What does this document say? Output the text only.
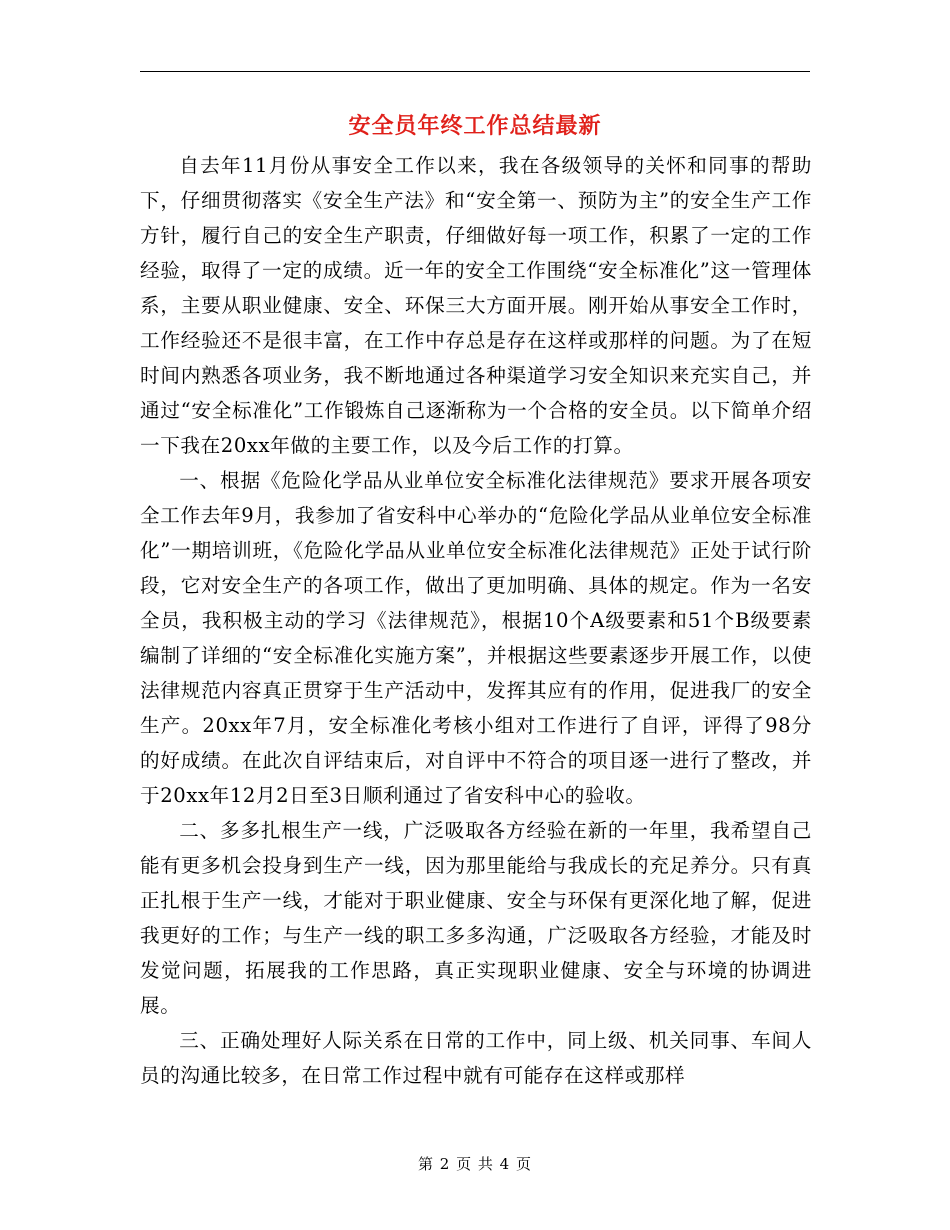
安全员年终工作总结最新

自去年11月份从事安全工作以来，我在各级领导的关怀和同事的帮助下，仔细贯彻落实《安全生产法》和“安全第一、预防为主”的安全生产工作方针，履行自己的安全生产职责，仔细做好每一项工作，积累了一定的工作经验，取得了一定的成绩。近一年的安全工作围绕“安全标准化”这一管理体系，主要从职业健康、安全、环保三大方面开展。刚开始从事安全工作时，工作经验还不是很丰富，在工作中存总是存在这样或那样的问题。为了在短时间内熟悉各项业务，我不断地通过各种渠道学习安全知识来充实自己，并通过“安全标准化”工作锻炼自己逐渐称为一个合格的安全员。以下简单介绍一下我在20xx年做的主要工作，以及今后工作的打算。

一、根据《危险化学品从业单位安全标准化法律规范》要求开展各项安全工作去年9月，我参加了省安科中心举办的“危险化学品从业单位安全标准化”一期培训班，《危险化学品从业单位安全标准化法律规范》正处于试行阶段，它对安全生产的各项工作，做出了更加明确、具体的规定。作为一名安全员，我积极主动的学习《法律规范》，根据10个A级要素和51个B级要素编制了详细的“安全标准化实施方案”，并根据这些要素逐步开展工作，以使法律规范内容真正贯穿于生产活动中，发挥其应有的作用，促进我厂的安全生产。20xx年7月，安全标准化考核小组对工作进行了自评，评得了98分的好成绩。在此次自评结束后，对自评中不符合的项目逐一进行了整改，并于20xx年12月2日至3日顺利通过了省安科中心的验收。

二、多多扎根生产一线，广泛吸取各方经验在新的一年里，我希望自己能有更多机会投身到生产一线，因为那里能给与我成长的充足养分。只有真正扎根于生产一线，才能对于职业健康、安全与环保有更深化地了解，促进我更好的工作；与生产一线的职工多多沟通，广泛吸取各方经验，才能及时发觉问题，拓展我的工作思路，真正实现职业健康、安全与环境的协调进展。

三、正确处理好人际关系在日常的工作中，同上级、机关同事、车间人员的沟通比较多，在日常工作过程中就有可能存在这样或那样

第 2 页 共 4 页
